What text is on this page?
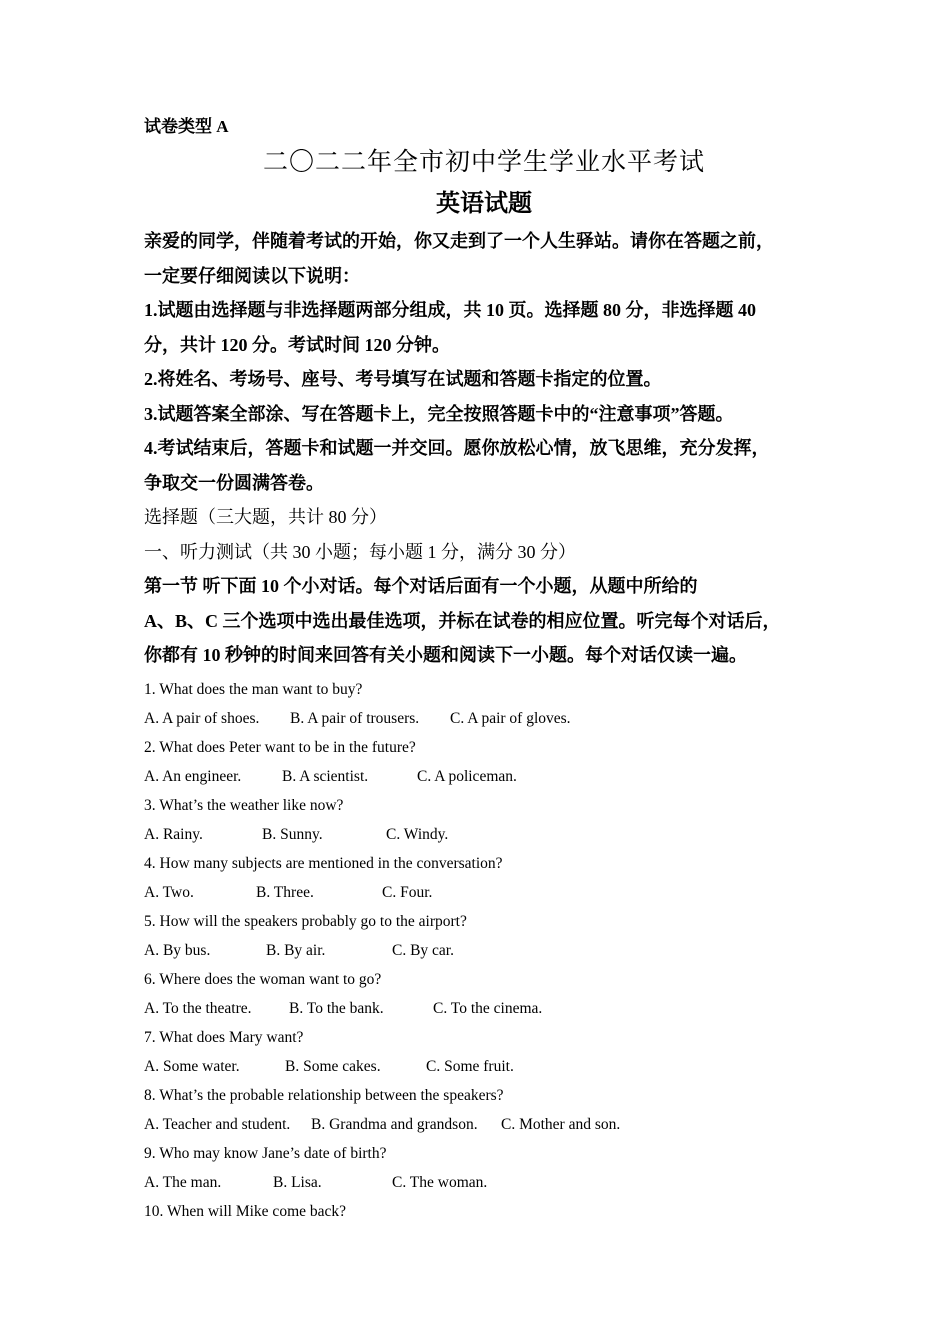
试卷类型 A
二〇二二年全市初中学生学业水平考试
英语试题
亲爱的同学，伴随着考试的开始，你又走到了一个人生驿站。请你在答题之前，
一定要仔细阅读以下说明：
1.试题由选择题与非选择题两部分组成，共 10 页。选择题 80 分，非选择题 40
分，共计 120 分。考试时间 120 分钟。
2.将姓名、考场号、座号、考号填写在试题和答题卡指定的位置。
3.试题答案全部涂、写在答题卡上，完全按照答题卡中的“注意事项”答题。
4.考试结束后，答题卡和试题一并交回。愿你放松心情，放飞思维，充分发挥，
争取交一份圆满答卷。
选择题（三大题，共计 80 分）
一、听力测试（共 30 小题；每小题 1 分，满分 30 分）
第一节 听下面 10 个小对话。每个对话后面有一个小题，从题中所给的
A、B、C 三个选项中选出最佳选项，并标在试卷的相应位置。听完每个对话后，
你都有 10 秒钟的时间来回答有关小题和阅读下一小题。每个对话仅读一遍。
1. What does the man want to buy?
A. A pair of shoes. B. A pair of trousers. C. A pair of gloves.
2. What does Peter want to be in the future?
A. An engineer.	B. A scientist.	C. A policeman.
3. What’s the weather like now?
A. Rainy.	B. Sunny.	C. Windy.
4. How many subjects are mentioned in the conversation?
A. Two.	B. Three.	C. Four.
5. How will the speakers probably go to the airport?
A. By bus.	B. By air.	C. By car.
6. Where does the woman want to go?
A. To the theatre. B. To the bank.	C. To the cinema.
7. What does Mary want?
A. Some water.	B. Some cakes.	C. Some fruit.
8. What’s the probable relationship between the speakers?
A. Teacher and student. B. Grandma and grandson. C. Mother and son.
9. Who may know Jane’s date of birth?
A. The man.	B. Lisa.	C. The woman.
10. When will Mike come back?
